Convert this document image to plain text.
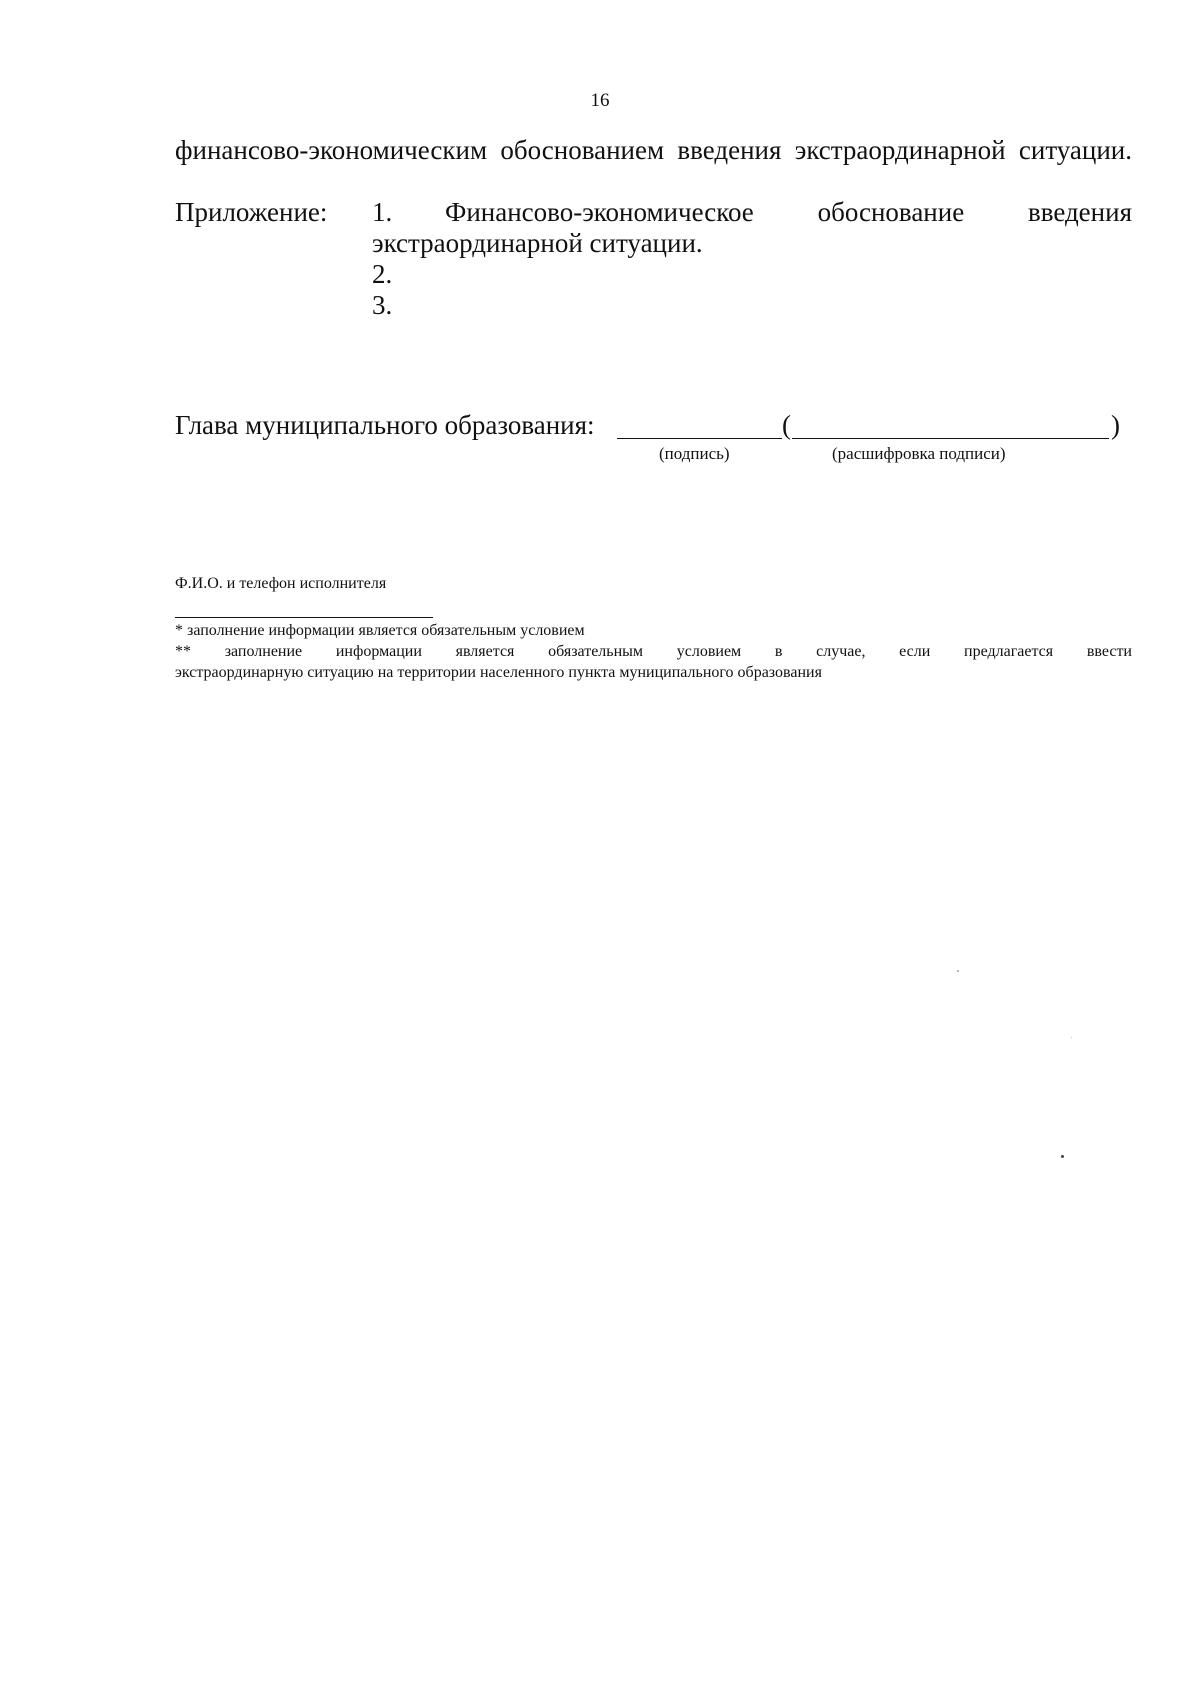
16
финансово-экономическим обоснованием введения экстраординарной ситуации.
Приложение: 1. Финансово-экономическое обоснование введения
экстраординарной ситуации.
2.
3.
Глава муниципального образования:	(	)
(подпись)	(расшифровка подписи)
Ф.И.О. и телефон исполнителя
* заполнение информации является обязательным условием
** заполнение информации является обязательным условием в случае, если предлагается ввести
экстраординарную ситуацию на территории населенного пункта муниципального образования
